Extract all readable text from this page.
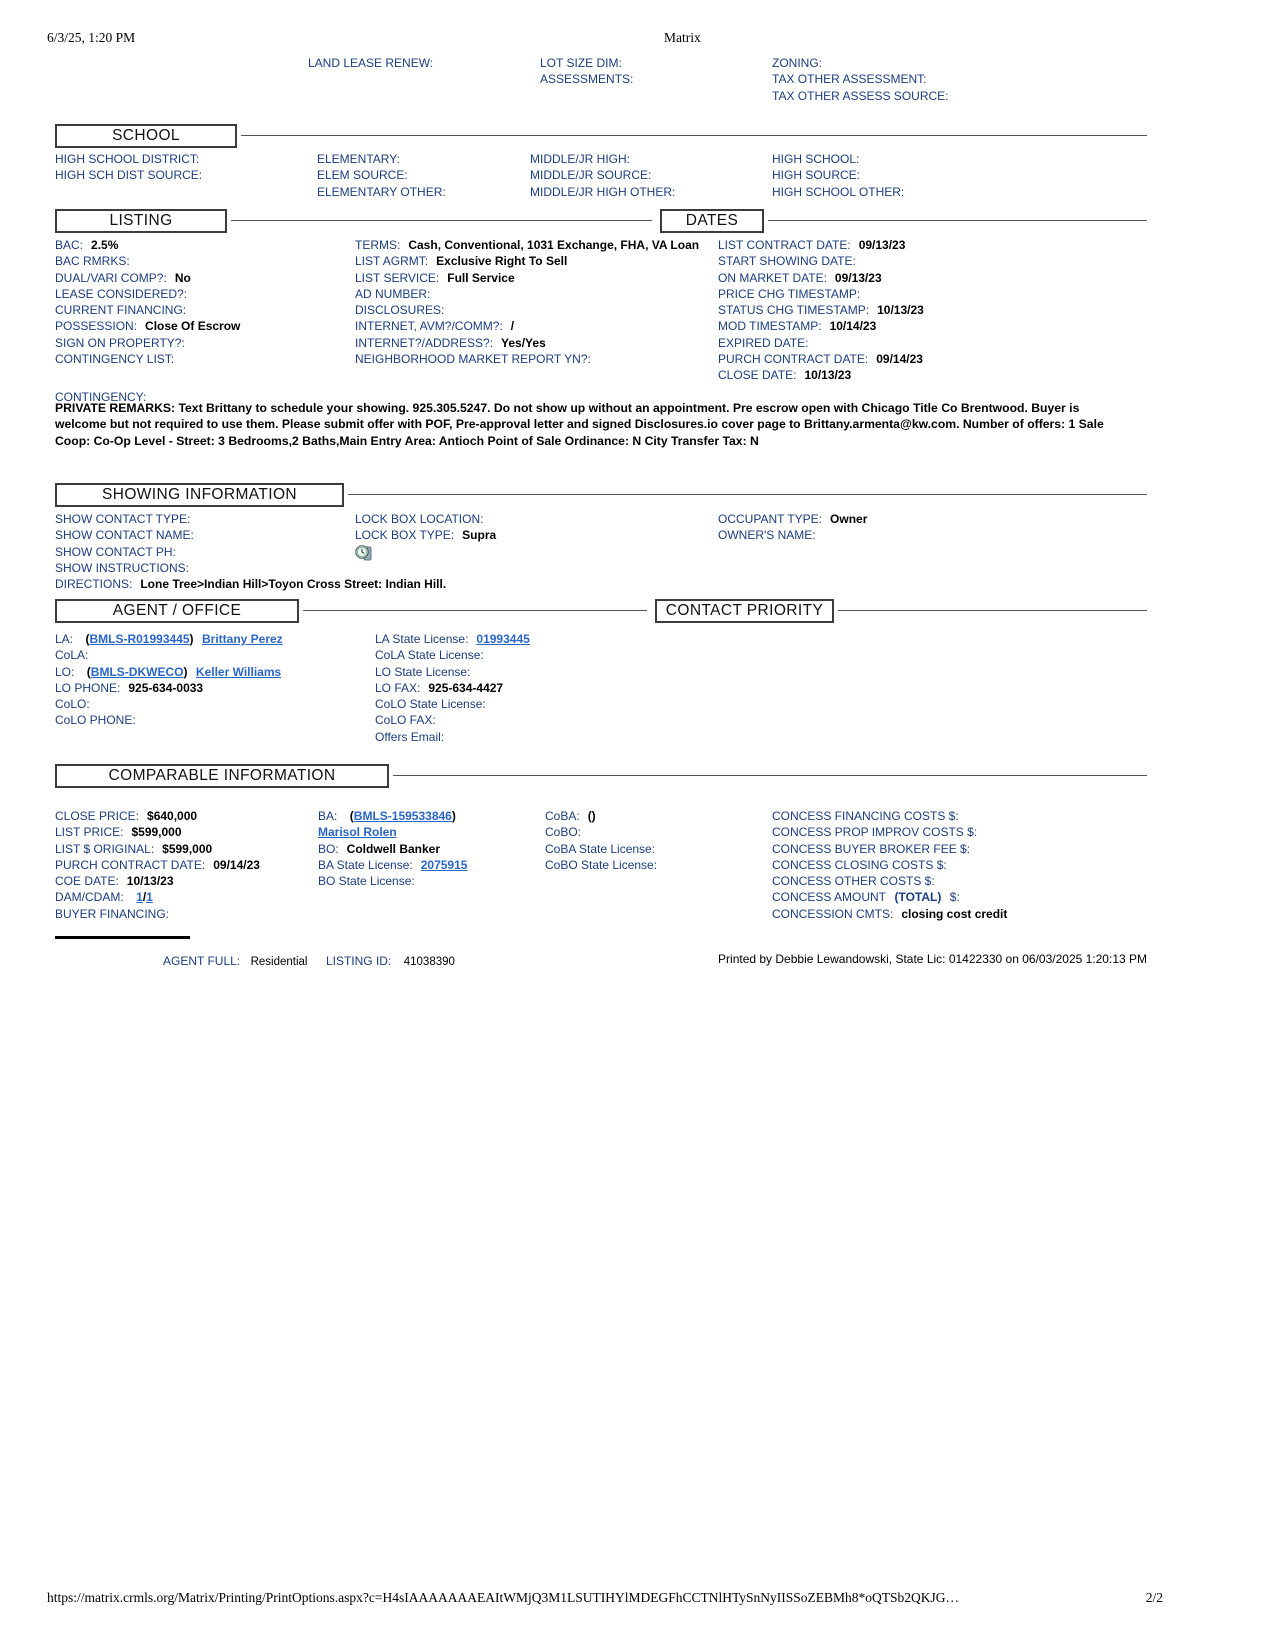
6/3/25, 1:20 PM	Matrix
LAND LEASE RENEW:	LOT SIZE DIM:
ASSESSMENTS:
ZONING:
TAX OTHER ASSESSMENT:
TAX OTHER ASSESS SOURCE:
SCHOOL
HIGH SCHOOL DISTRICT:
HIGH SCH DIST SOURCE:
ELEMENTARY:
ELEM SOURCE:
ELEMENTARY OTHER:
MIDDLE/JR HIGH:
MIDDLE/JR SOURCE:
MIDDLE/JR HIGH OTHER:
HIGH SCHOOL:
HIGH SOURCE:
HIGH SCHOOL OTHER:
LISTING	DATES
BAC: 2.5%
BAC RMRKS:
DUAL/VARI COMP?: No
LEASE CONSIDERED?:
CURRENT FINANCING:
POSSESSION: Close Of Escrow
SIGN ON PROPERTY?:
CONTINGENCY LIST:
TERMS: Cash, Conventional, 1031 Exchange, FHA, VA Loan
LIST AGRMT: Exclusive Right To Sell
LIST SERVICE: Full Service
AD NUMBER:
DISCLOSURES:
INTERNET, AVM?/COMM?: /
INTERNET?/ADDRESS?: Yes/Yes
NEIGHBORHOOD MARKET REPORT YN?:
LIST CONTRACT DATE: 09/13/23
START SHOWING DATE:
ON MARKET DATE: 09/13/23
PRICE CHG TIMESTAMP:
STATUS CHG TIMESTAMP: 10/13/23
MOD TIMESTAMP: 10/14/23
EXPIRED DATE:
PURCH CONTRACT DATE: 09/14/23
CLOSE DATE: 10/13/23
CONTINGENCY:

PRIVATE REMARKS: Text Brittany to schedule your showing. 925.305.5247. Do not show up without an appointment. Pre escrow open with Chicago Title Co Brentwood. Buyer is welcome but not required to use them. Please submit offer with POF, Pre-approval letter and signed Disclosures.io cover page to Brittany.armenta@kw.com. Number of offers: 1 Sale Coop: Co-Op Level - Street: 3 Bedrooms,2 Baths,Main Entry Area: Antioch Point of Sale Ordinance: N City Transfer Tax: N

SHOWING INFORMATION
SHOW CONTACT TYPE:
SHOW CONTACT NAME:
SHOW CONTACT PH:
SHOW INSTRUCTIONS:
DIRECTIONS: Lone Tree>Indian Hill>Toyon Cross Street: Indian Hill.
LOCK BOX LOCATION:
LOCK BOX TYPE: Supra
OCCUPANT TYPE: Owner
OWNER'S NAME:
AGENT / OFFICE	CONTACT PRIORITY
LA: (BMLS-R01993445) Brittany Perez
CoLA:
LO: (BMLS-DKWECO) Keller Williams
LO PHONE: 925-634-0033
CoLO:
CoLO PHONE:
LA State License: 01993445
CoLA State License:
LO State License:
LO FAX: 925-634-4427
CoLO State License:
CoLO FAX:
Offers Email:
COMPARABLE INFORMATION
CLOSE PRICE: $640,000
LIST PRICE: $599,000
LIST $ ORIGINAL: $599,000
PURCH CONTRACT DATE: 09/14/23
COE DATE: 10/13/23
DAM/CDAM: 1/1
BUYER FINANCING:
BA: (BMLS-159533846)
Marisol Rolen
BO: Coldwell Banker
BA State License: 2075915
BO State License:
CoBA: ()
CoBO:
CoBA State License:
CoBO State License:
CONCESS FINANCING COSTS $:
CONCESS PROP IMPROV COSTS $:
CONCESS BUYER BROKER FEE $:
CONCESS CLOSING COSTS $:
CONCESS OTHER COSTS $:
CONCESS AMOUNT (TOTAL) $:
CONCESSION CMTS: closing cost credit
AGENT FULL: Residential LISTING ID: 41038390	Printed by Debbie Lewandowski, State Lic: 01422330 on 06/03/2025 1:20:13 PM
https://matrix.crmls.org/Matrix/Printing/PrintOptions.aspx?c=H4sIAAAAAAAEAItWMjQ3M1LSUTIHYlMDEGFhCCTNlHTySnNyIISSoZEBMh8*oQTSb2QKJG…	2/2
